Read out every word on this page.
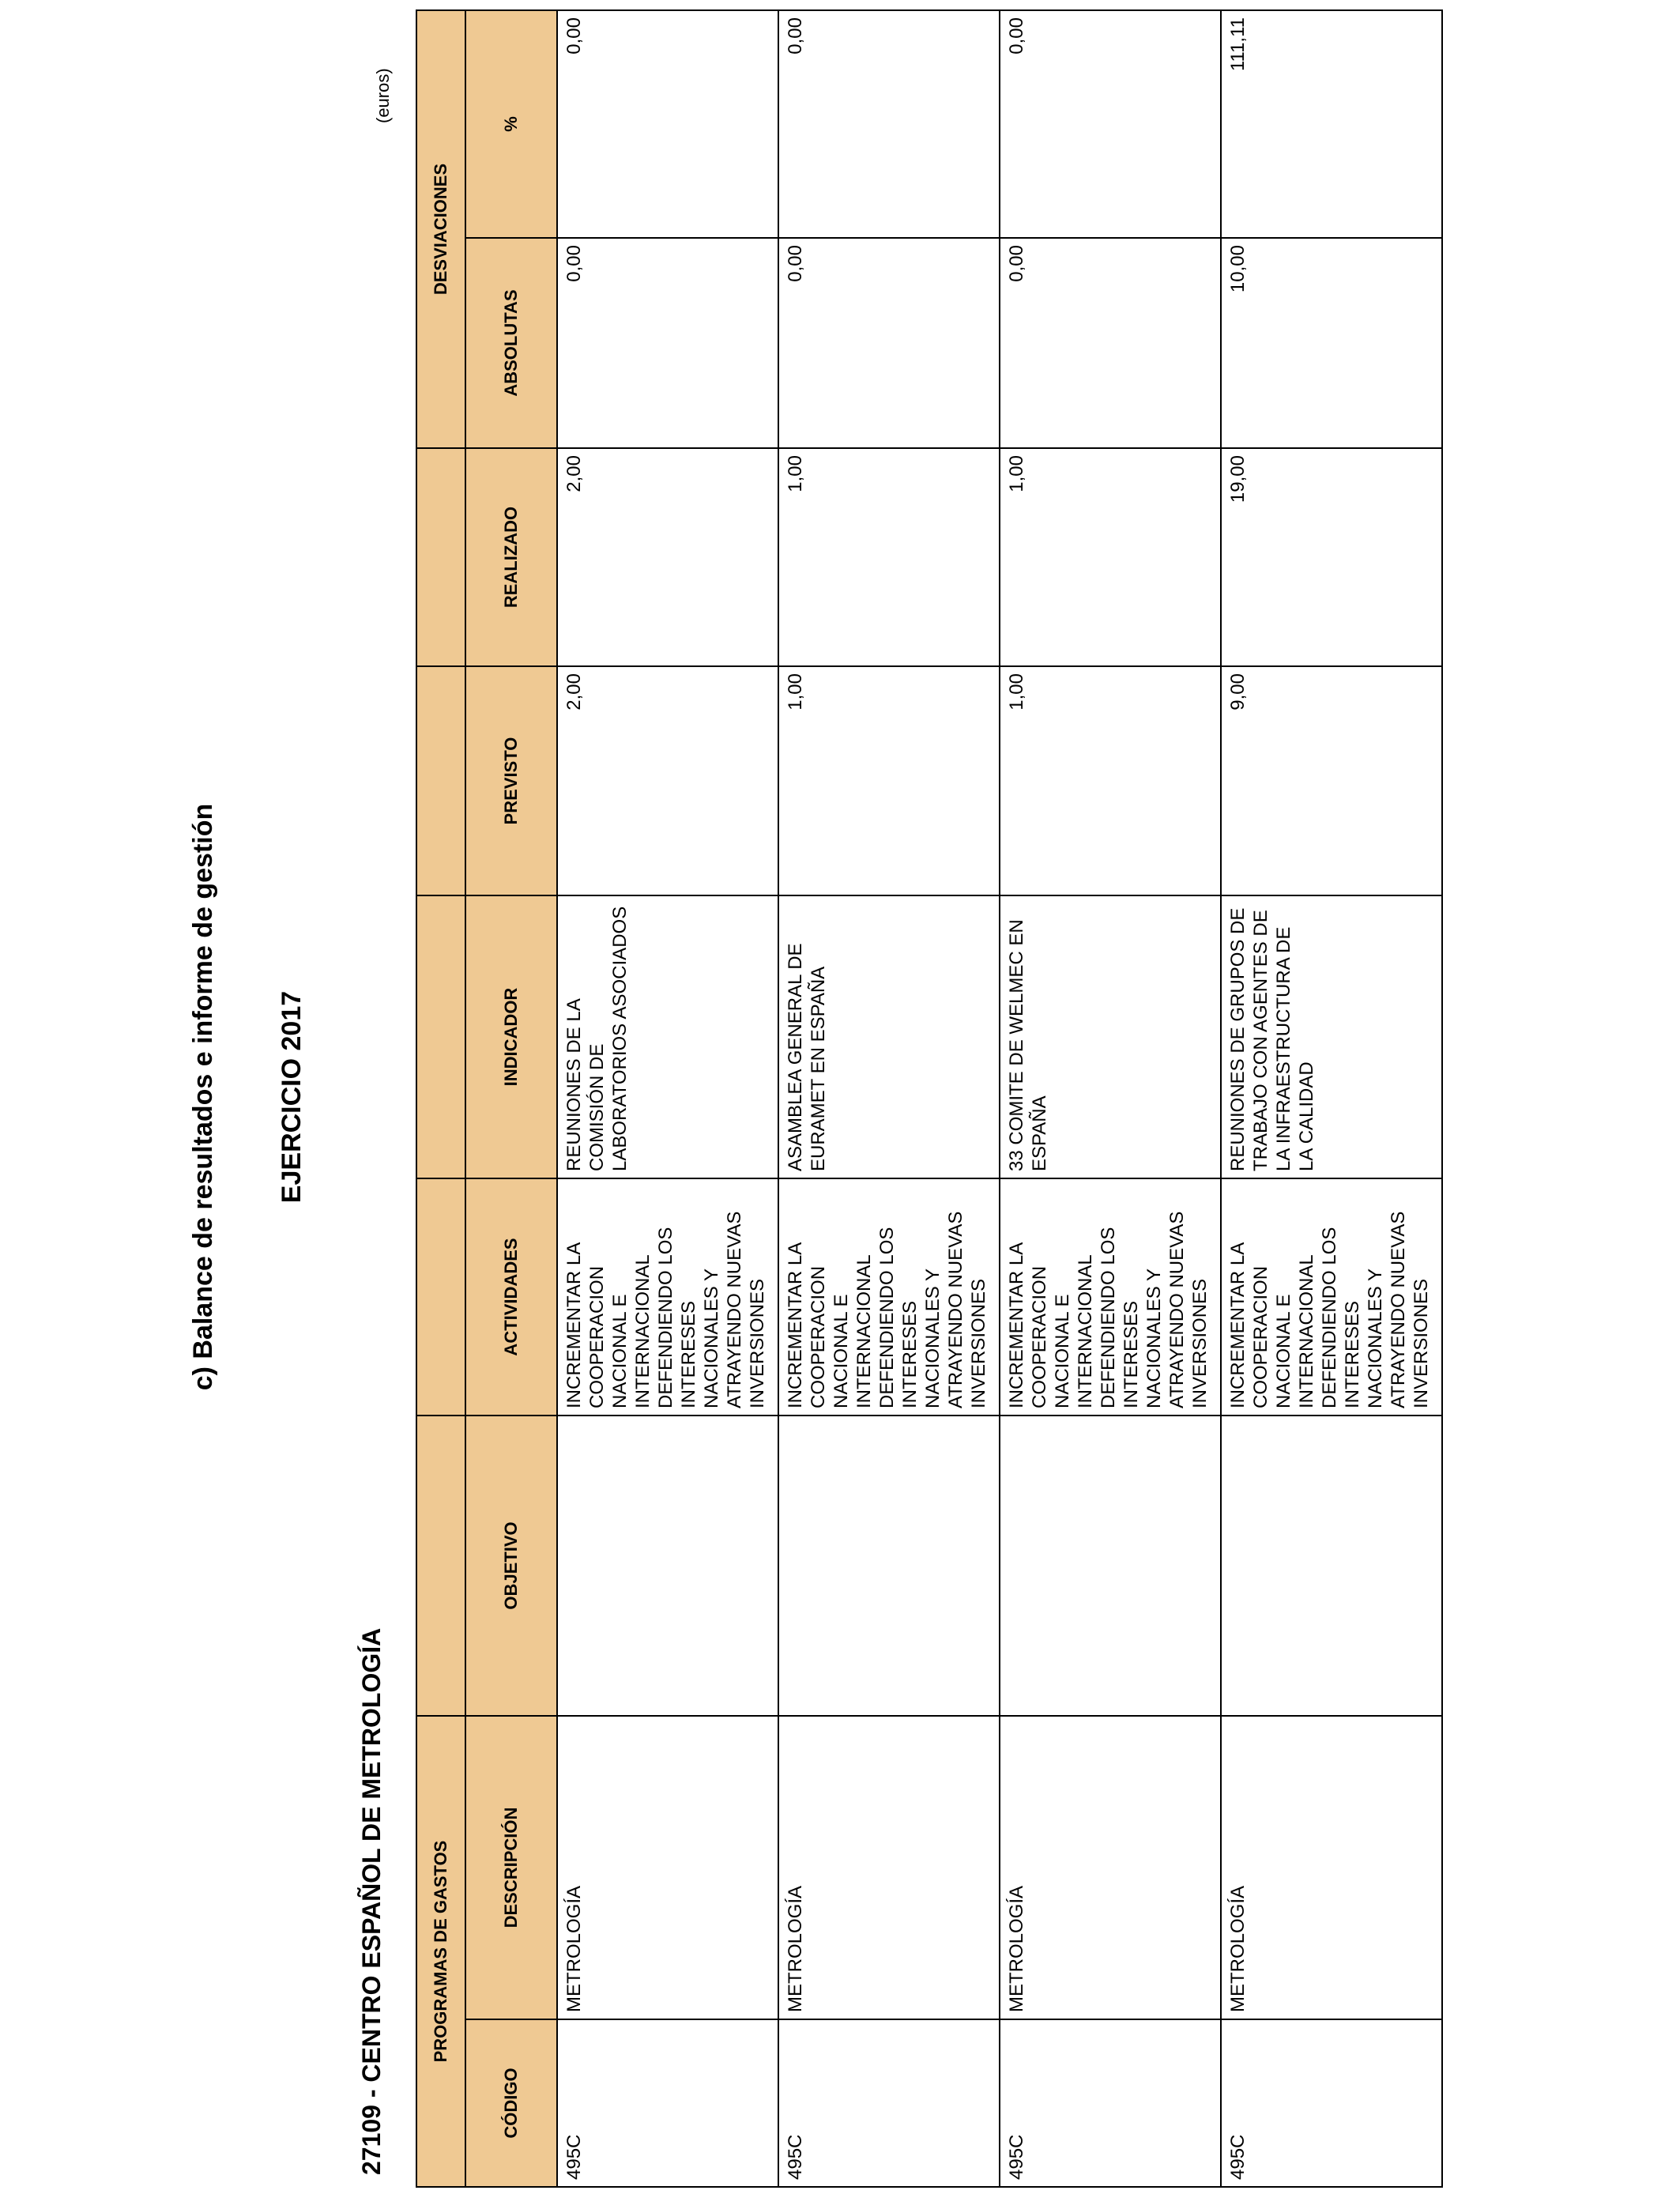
c) Balance de resultados e informe de gestión EJERCICIO 2017
27109 - CENTRO ESPAÑOL DE METROLOGÍA
(euros)
PROGRAMAS DE GASTOS							DESVIACIONES	
CÓDIGO	DESCRIPCIÓN	OBJETIVO	ACTIVIDADES	INDICADOR	PREVISTO	REALIZADO	ABSOLUTAS	%
495C	METROLOGÍA		INCREMENTAR LA COOPERACION NACIONAL E INTERNACIONAL DEFENDIENDO LOS INTERESES NACIONALES Y ATRAYENDO NUEVAS INVERSIONES	REUNIONES DE LA COMISIÓN DE LABORATORIOS ASOCIADOS	2,00	2,00	0,00	0,00
495C	METROLOGÍA		INCREMENTAR LA COOPERACION NACIONAL E INTERNACIONAL DEFENDIENDO LOS INTERESES NACIONALES Y ATRAYENDO NUEVAS INVERSIONES	ASAMBLEA GENERAL DE EURAMET EN ESPAÑA	1,00	1,00	0,00	0,00
495C	METROLOGÍA		INCREMENTAR LA COOPERACION NACIONAL E INTERNACIONAL DEFENDIENDO LOS INTERESES NACIONALES Y ATRAYENDO NUEVAS INVERSIONES	33 COMITE DE WELMEC EN ESPAÑA	1,00	1,00	0,00	0,00
495C	METROLOGÍA		INCREMENTAR LA COOPERACION NACIONAL E INTERNACIONAL DEFENDIENDO LOS INTERESES NACIONALES Y ATRAYENDO NUEVAS INVERSIONES	REUNIONES DE GRUPOS DE TRABAJO CON AGENTES DE LA INFRAESTRUCTURA DE LA CALIDAD	9,00	19,00	10,00	111,11
